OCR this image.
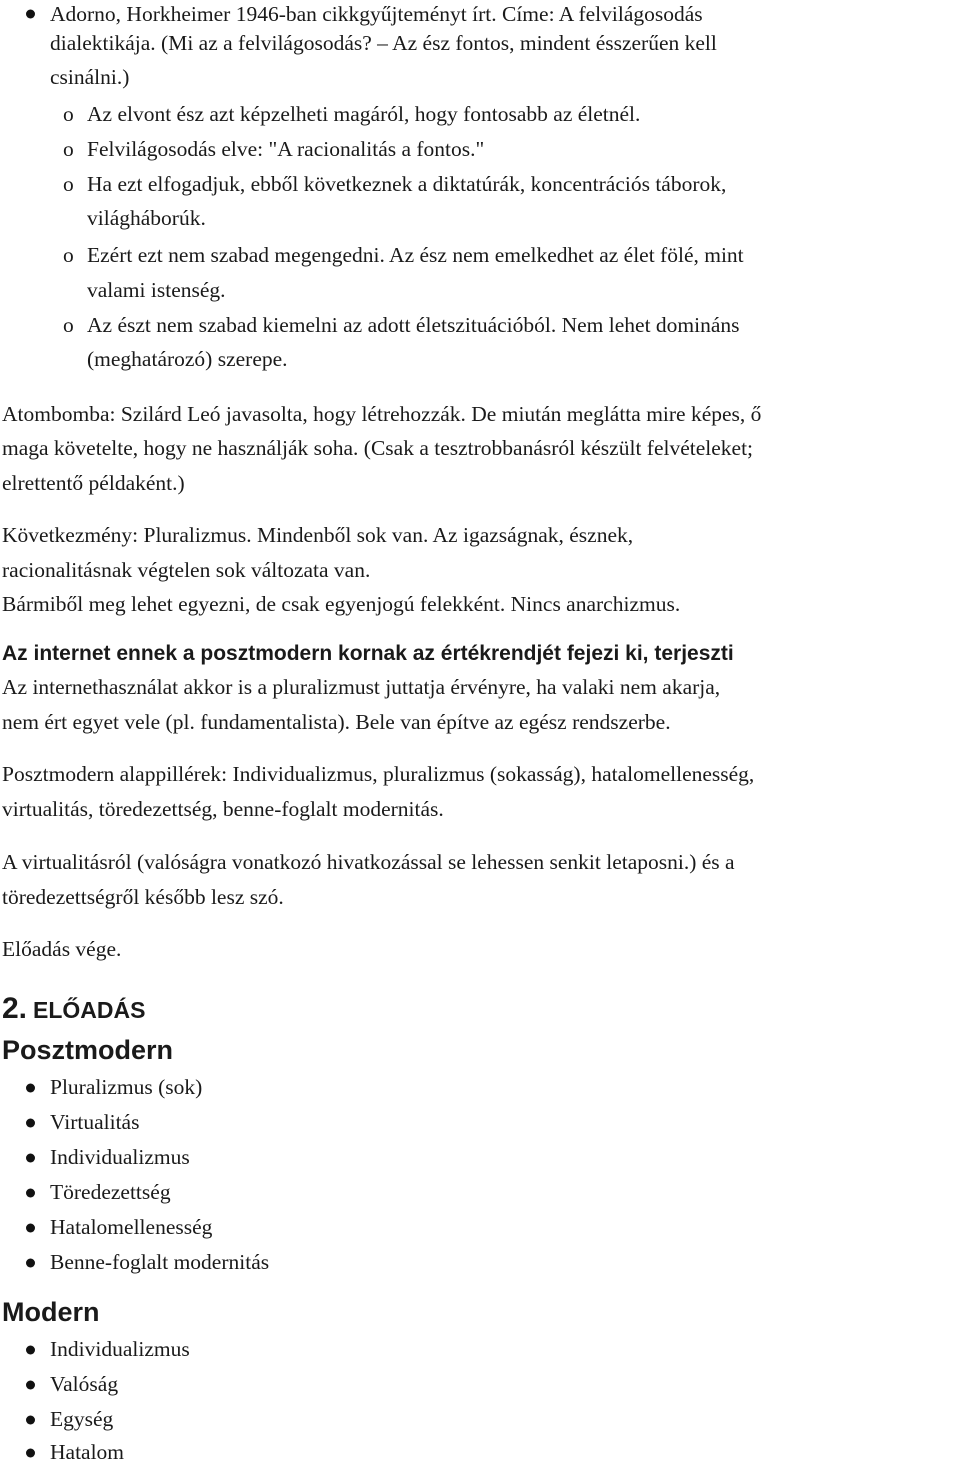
Adorno, Horkheimer 1946-ban cikkgyűjteményt írt. Címe: A felvilágosodás
dialektikája. (Mi az a felvilágosodás? – Az ész fontos, mindent ésszerűen kell
csinálni.)
o Az elvont ész azt képzelheti magáról, hogy fontosabb az életnél.
o Felvilágosodás elve: "A racionalitás a fontos."
o Ha ezt elfogadjuk, ebből következnek a diktatúrák, koncentrációs táborok,
világháborúk.
o Ezért ezt nem szabad megengedni. Az ész nem emelkedhet az élet fölé, mint
valami istenség.
o Az észt nem szabad kiemelni az adott életszituációból. Nem lehet domináns
(meghatározó) szerepe.
Atombomba: Szilárd Leó javasolta, hogy létrehozzák. De miután meglátta mire képes, ő
maga követelte, hogy ne használják soha. (Csak a tesztrobbanásról készült felvételeket;
elrettentő példaként.)
Következmény: Pluralizmus. Mindenből sok van. Az igazságnak, észnek,
racionalitásnak végtelen sok változata van.
Bármiből meg lehet egyezni, de csak egyenjogú felekként. Nincs anarchizmus.
Az internet ennek a posztmodern kornak az értékrendjét fejezi ki, terjeszti
Az internethasználat akkor is a pluralizmust juttatja érvényre, ha valaki nem akarja,
nem ért egyet vele (pl. fundamentalista). Bele van építve az egész rendszerbe.
Posztmodern alappillérek: Individualizmus, pluralizmus (sokasság), hatalomellenesség,
virtualitás, töredezettség, benne-foglalt modernitás.
A virtualitásról (valóságra vonatkozó hivatkozással se lehessen senkit letaposni.) és a
töredezettségről később lesz szó.
Előadás vége.
2. ELŐADÁS
Posztmodern
Pluralizmus (sok)
Virtualitás
Individualizmus
Töredezettség
Hatalomellenesség
Benne-foglalt modernitás
Modern
Individualizmus
Valóság
Egység
Hatalom
